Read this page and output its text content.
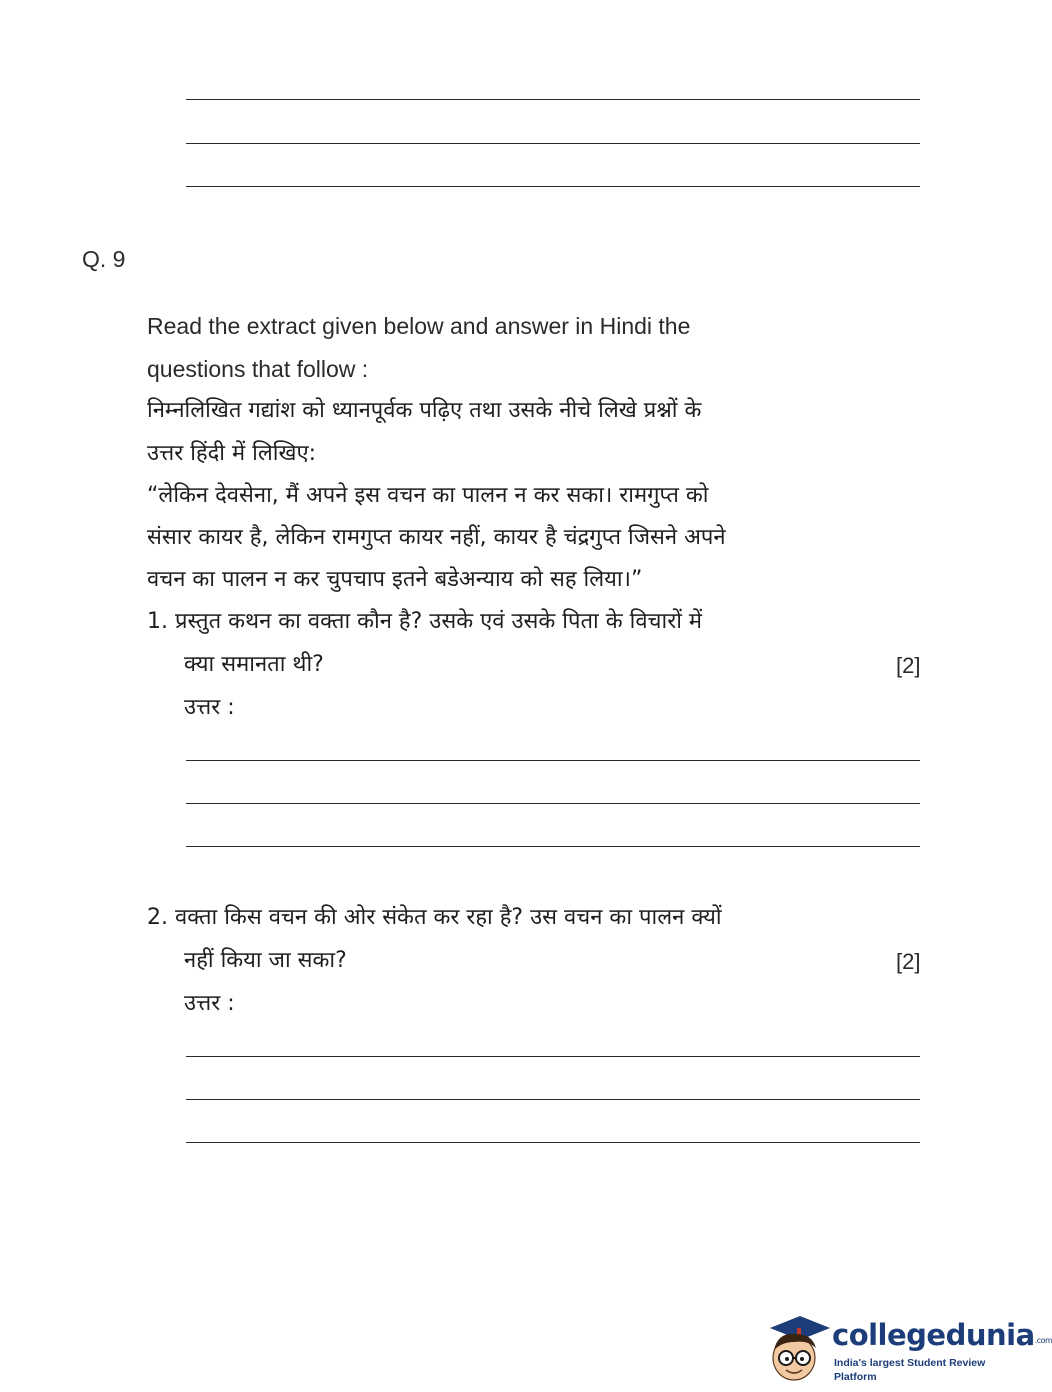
Q. 9
Read the extract given below and answer in Hindi the
questions that follow :
निम्नलिखित गद्यांश को ध्यानपूर्वक पढ़िए तथा उसके नीचे लिखे प्रश्नों के
उत्तर हिंदी में लिखिए:
“लेकिन देवसेना, मैं अपने इस वचन का पालन न कर सका। रामगुप्त को
संसार कायर है, लेकिन रामगुप्त कायर नहीं, कायर है चंद्रगुप्त जिसने अपने
वचन का पालन न कर चुपचाप इतने बडेअन्याय को सह लिया।”
1. प्रस्तुत कथन का वक्ता कौन है? उसके एवं उसके पिता के विचारों में
क्या समानता थी?	[2]
उत्तर :
2. वक्ता किस वचन की ओर संकेत कर रहा है? उस वचन का पालन क्यों
नहीं किया जा सका?	[2]
उत्तर :
collegedunia$^{.com}$
India's largest Student Review Platform
